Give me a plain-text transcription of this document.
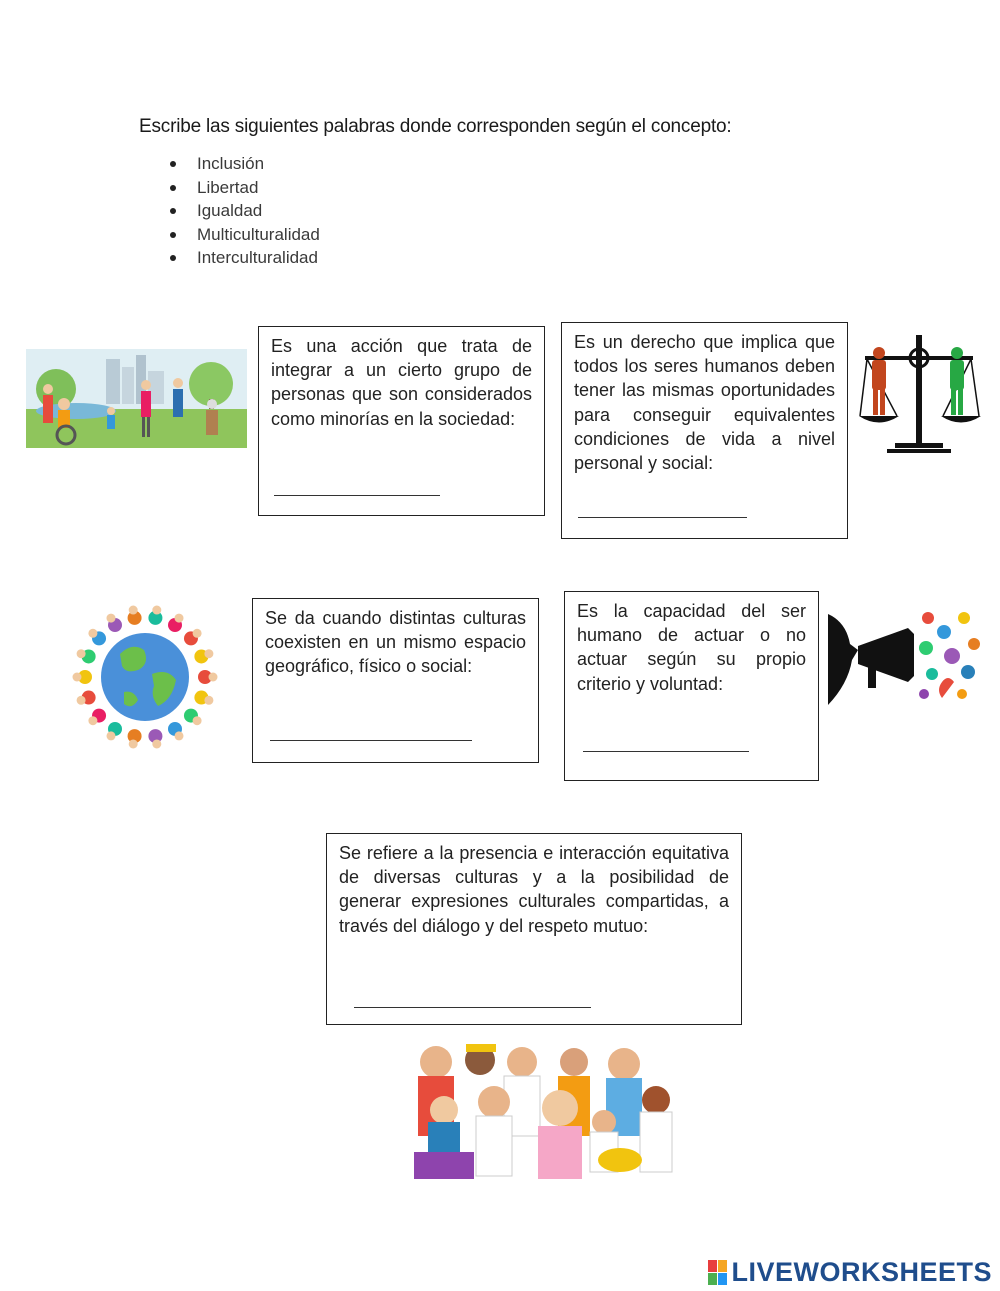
Escribe las siguientes palabras donde corresponden según el concepto:
Inclusión
Libertad
Igualdad
Multiculturalidad
Interculturalidad

Es una acción que trata de integrar a un cierto grupo de personas que son considerados como minorías en la sociedad:

Es un derecho que implica que todos los seres humanos deben tener las mismas oportunidades para conseguir equivalentes condiciones de vida a nivel personal y social:

Se da cuando distintas culturas coexisten en un mismo espacio geográfico, físico o social:

Es la capacidad del ser humano de actuar o no actuar según su propio criterio y voluntad:

Se refiere a la presencia e interacción equitativa de diversas culturas y a la posibilidad de generar expresiones culturales compartidas, a través del diálogo y del respeto mutuo:

LIVEWORKSHEETS
